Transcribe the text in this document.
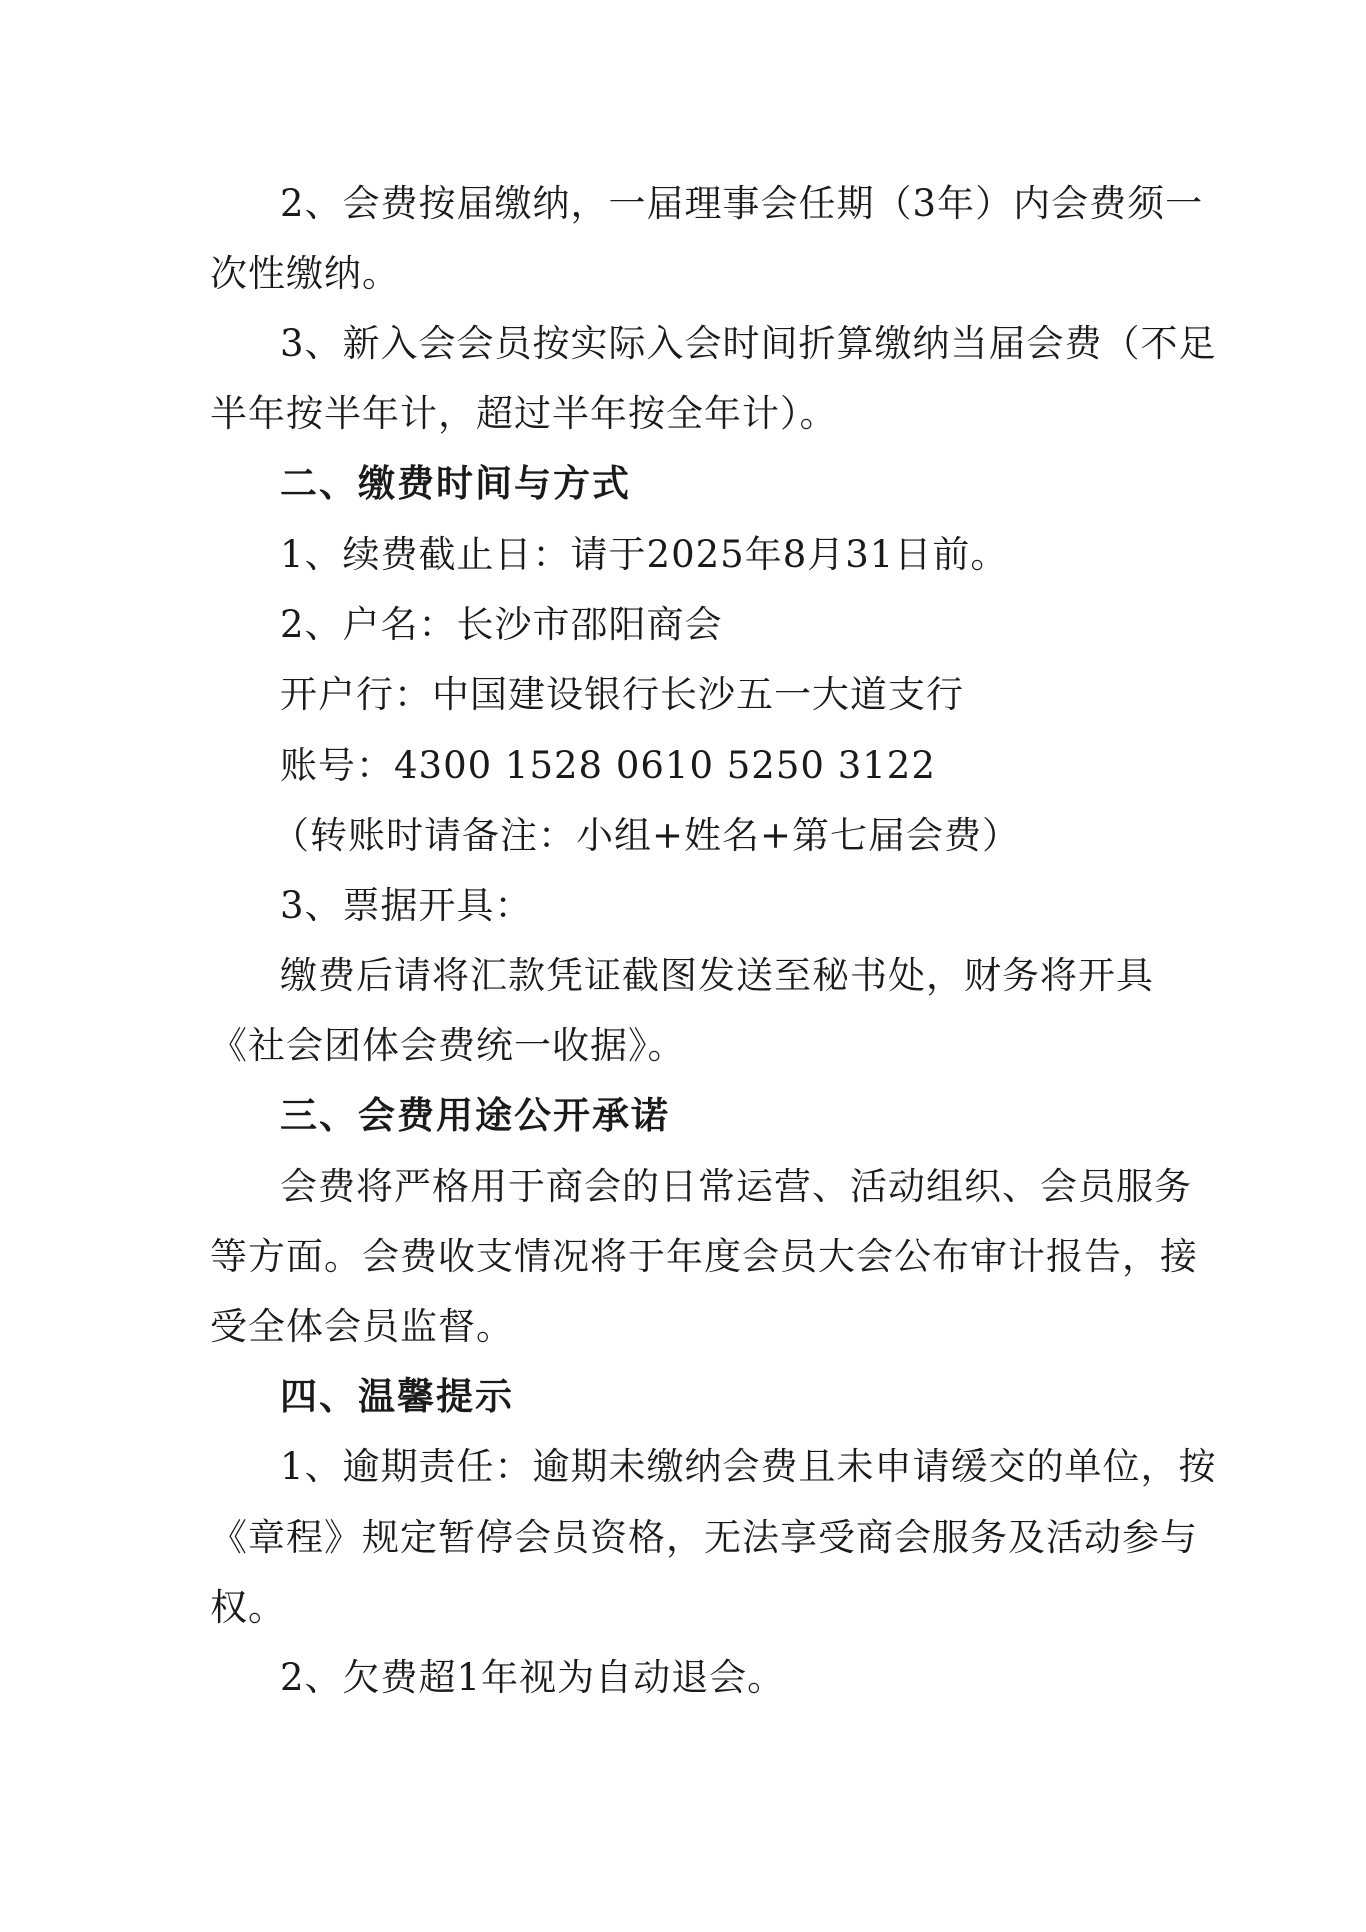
2、会费按届缴纳，一届理事会任期（3年）内会费须一
次性缴纳。
3、新入会会员按实际入会时间折算缴纳当届会费（不足
半年按半年计，超过半年按全年计）。
二、缴费时间与方式
1、续费截止日：请于2025年8月31日前。
2、户名：长沙市邵阳商会
开户行：中国建设银行长沙五一大道支行
账号：4300 1528 0610 5250 3122
（转账时请备注：小组+姓名+第七届会费）
3、票据开具：
缴费后请将汇款凭证截图发送至秘书处，财务将开具
《社会团体会费统一收据》。
三、会费用途公开承诺
会费将严格用于商会的日常运营、活动组织、会员服务
等方面。会费收支情况将于年度会员大会公布审计报告，接
受全体会员监督。
四、温馨提示
1、逾期责任：逾期未缴纳会费且未申请缓交的单位，按
《章程》规定暂停会员资格，无法享受商会服务及活动参与
权。
2、欠费超1年视为自动退会。
